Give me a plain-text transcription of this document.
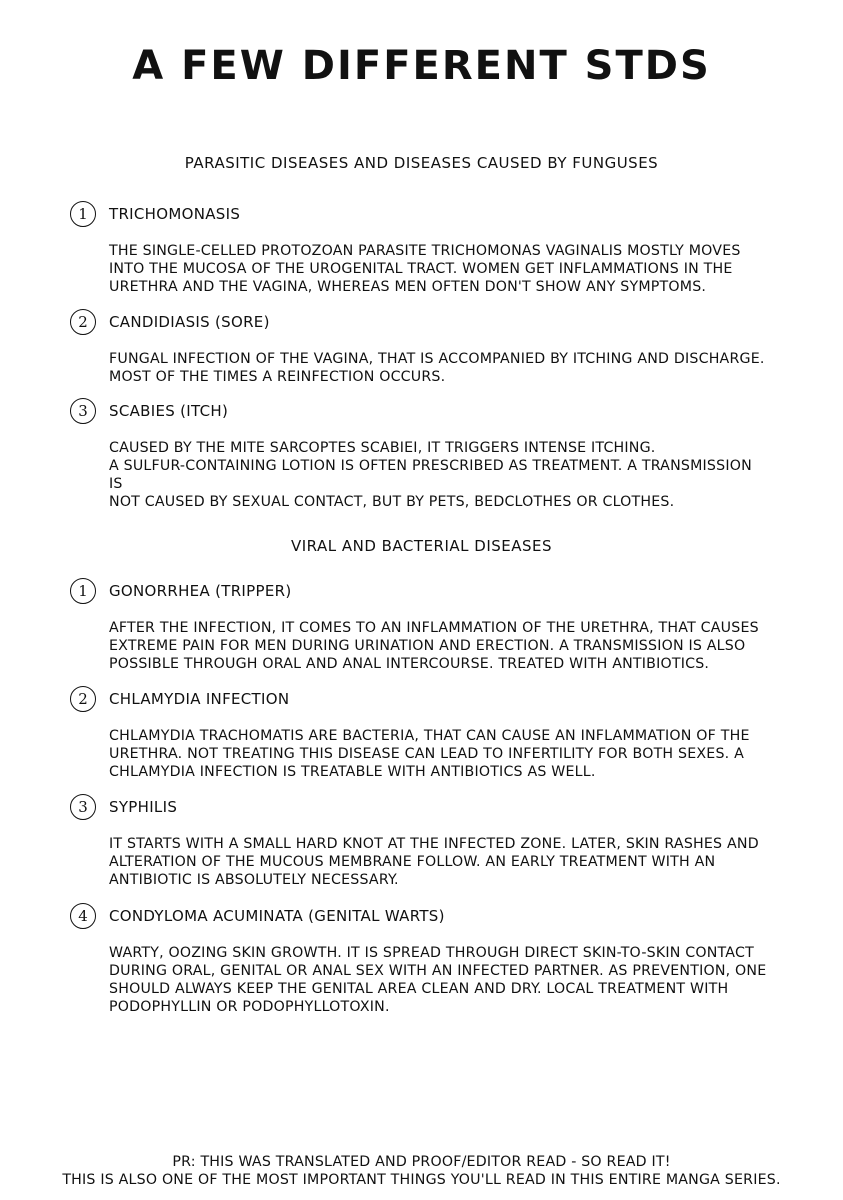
A FEW DIFFERENT STDS
PARASITIC DISEASES AND DISEASES CAUSED BY FUNGUSES
1	TRICHOMONASIS
THE SINGLE-CELLED PROTOZOAN PARASITE TRICHOMONAS VAGINALIS MOSTLY MOVES
INTO THE MUCOSA OF THE UROGENITAL TRACT. WOMEN GET INFLAMMATIONS IN THE
URETHRA AND THE VAGINA, WHEREAS MEN OFTEN DON'T SHOW ANY SYMPTOMS.
2	CANDIDIASIS (SORE)
FUNGAL INFECTION OF THE VAGINA, THAT IS ACCOMPANIED BY ITCHING AND DISCHARGE.
MOST OF THE TIMES A REINFECTION OCCURS.
3	SCABIES (ITCH)
CAUSED BY THE MITE SARCOPTES SCABIEI, IT TRIGGERS INTENSE ITCHING.
A SULFUR-CONTAINING LOTION IS OFTEN PRESCRIBED AS TREATMENT. A TRANSMISSION IS
NOT CAUSED BY SEXUAL CONTACT, BUT BY PETS, BEDCLOTHES OR CLOTHES.
VIRAL AND BACTERIAL DISEASES
1	GONORRHEA (TRIPPER)
AFTER THE INFECTION, IT COMES TO AN INFLAMMATION OF THE URETHRA, THAT CAUSES
EXTREME PAIN FOR MEN DURING URINATION AND ERECTION. A TRANSMISSION IS ALSO
POSSIBLE THROUGH ORAL AND ANAL INTERCOURSE. TREATED WITH ANTIBIOTICS.
2	CHLAMYDIA INFECTION
CHLAMYDIA TRACHOMATIS ARE BACTERIA, THAT CAN CAUSE AN INFLAMMATION OF THE
URETHRA. NOT TREATING THIS DISEASE CAN LEAD TO INFERTILITY FOR BOTH SEXES. A
CHLAMYDIA INFECTION IS TREATABLE WITH ANTIBIOTICS AS WELL.
3	SYPHILIS
IT STARTS WITH A SMALL HARD KNOT AT THE INFECTED ZONE. LATER, SKIN RASHES AND
ALTERATION OF THE MUCOUS MEMBRANE FOLLOW. AN EARLY TREATMENT WITH AN
ANTIBIOTIC IS ABSOLUTELY NECESSARY.
4	CONDYLOMA ACUMINATA (GENITAL WARTS)
WARTY, OOZING SKIN GROWTH. IT IS SPREAD THROUGH DIRECT SKIN-TO-SKIN CONTACT
DURING ORAL, GENITAL OR ANAL SEX WITH AN INFECTED PARTNER. AS PREVENTION, ONE
SHOULD ALWAYS KEEP THE GENITAL AREA CLEAN AND DRY. LOCAL TREATMENT WITH
PODOPHYLLIN OR PODOPHYLLOTOXIN.
PR: THIS WAS TRANSLATED AND PROOF/EDITOR READ - SO READ IT!
THIS IS ALSO ONE OF THE MOST IMPORTANT THINGS YOU'LL READ IN THIS ENTIRE MANGA SERIES.
